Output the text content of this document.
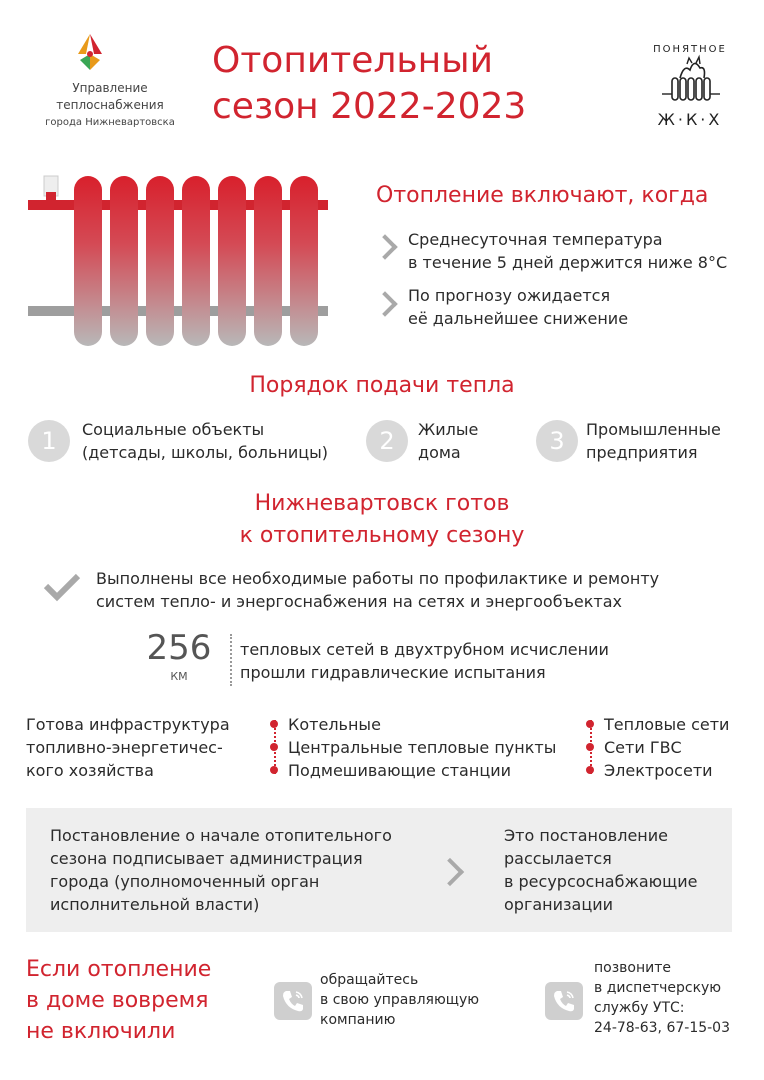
Управление
теплоснабжения
города Нижневартовска
Отопительный
сезон 2022-2023
ПОНЯТНОЕ
Ж·К·Х
Отопление включают, когда
Среднесуточная температура
в течение 5 дней держится ниже 8°С
По прогнозу ожидается
её дальнейшее снижение
Порядок подачи тепла
1	Социальные объекты
(детсады, школы, больницы)	2	Жилые
дома	3	Промышленные
предприятия
Нижневартовск готов
к отопительному сезону
Выполнены все необходимые работы по профилактике и ремонту
систем тепло- и энергоснабжения на сетях и энергообъектах
256
КМ
тепловых сетей в двухтрубном исчислении
прошли гидравлические испытания
Готова инфраструктура
топливно-энергетичес-
кого хозяйства
Котельные
Центральные тепловые пункты
Подмешивающие станции
Тепловые сети
Сети ГВС
Электросети
Постановление о начале отопительного
сезона подписывает администрация
города (уполномоченный орган
исполнительной власти)
Это постановление
рассылается
в ресурсоснабжающие
организации
Если отопление
в доме вовремя
не включили
обращайтесь
в свою управляющую
компанию
позвоните
в диспетчерскую
службу УТС:
24-78-63, 67-15-03
